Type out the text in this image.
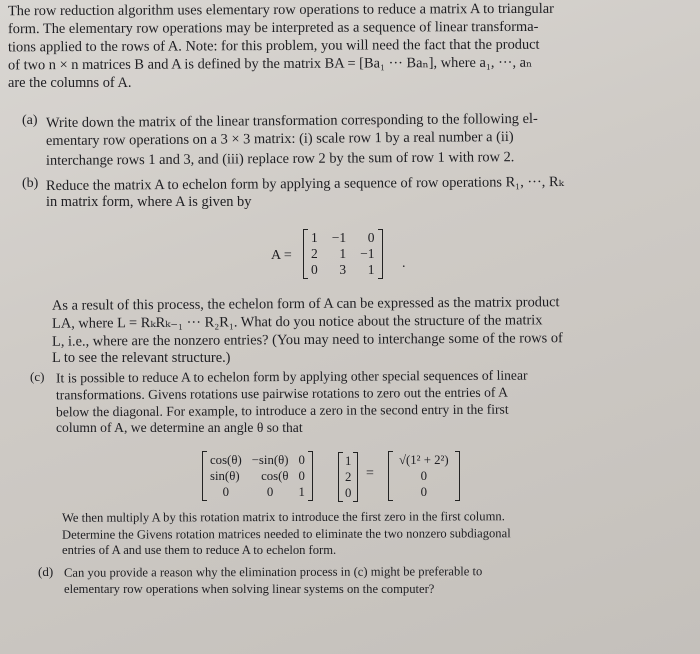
The row reduction algorithm uses elementary row operations to reduce a matrix A to triangular
form. The elementary row operations may be interpreted as a sequence of linear transforma-
tions applied to the rows of A. Note: for this problem, you will need the fact that the product
of two n × n matrices B and A is defined by the matrix BA = [Ba₁ ··· Baₙ], where a₁, ···, aₙ
are the columns of A.
(a) Write down the matrix of the linear transformation corresponding to the following el-
ementary row operations on a 3 × 3 matrix: (i) scale row 1 by a real number a (ii)
interchange rows 1 and 3, and (iii) replace row 2 by the sum of row 1 with row 2.
(b) Reduce the matrix A to echelon form by applying a sequence of row operations R₁, ···, Rₖ
in matrix form, where A is given by
A =
1 −1	0
2	1 −1
0	3	1 .
As a result of this process, the echelon form of A can be expressed as the matrix product
LA, where L = RₖRₖ₋₁ ··· R₂R₁. What do you notice about the structure of the matrix
L, i.e., where are the nonzero entries? (You may need to interchange some of the rows of
L to see the relevant structure.)
(c) It is possible to reduce A to echelon form by applying other special sequences of linear
transformations. Givens rotations use pairwise rotations to zero out the entries of A
below the diagonal. For example, to introduce a zero in the second entry in the first
column of A, we determine an angle θ so that
cos(θ) −sin(θ) 0
sin(θ)	cos(θ 0
0	0	1
1
2
0
=
√(1² + 2²)
0
0
We then multiply A by this rotation matrix to introduce the first zero in the first column.
Determine the Givens rotation matrices needed to eliminate the two nonzero subdiagonal
entries of A and use them to reduce A to echelon form.
(d) Can you provide a reason why the elimination process in (c) might be preferable to
elementary row operations when solving linear systems on the computer?
